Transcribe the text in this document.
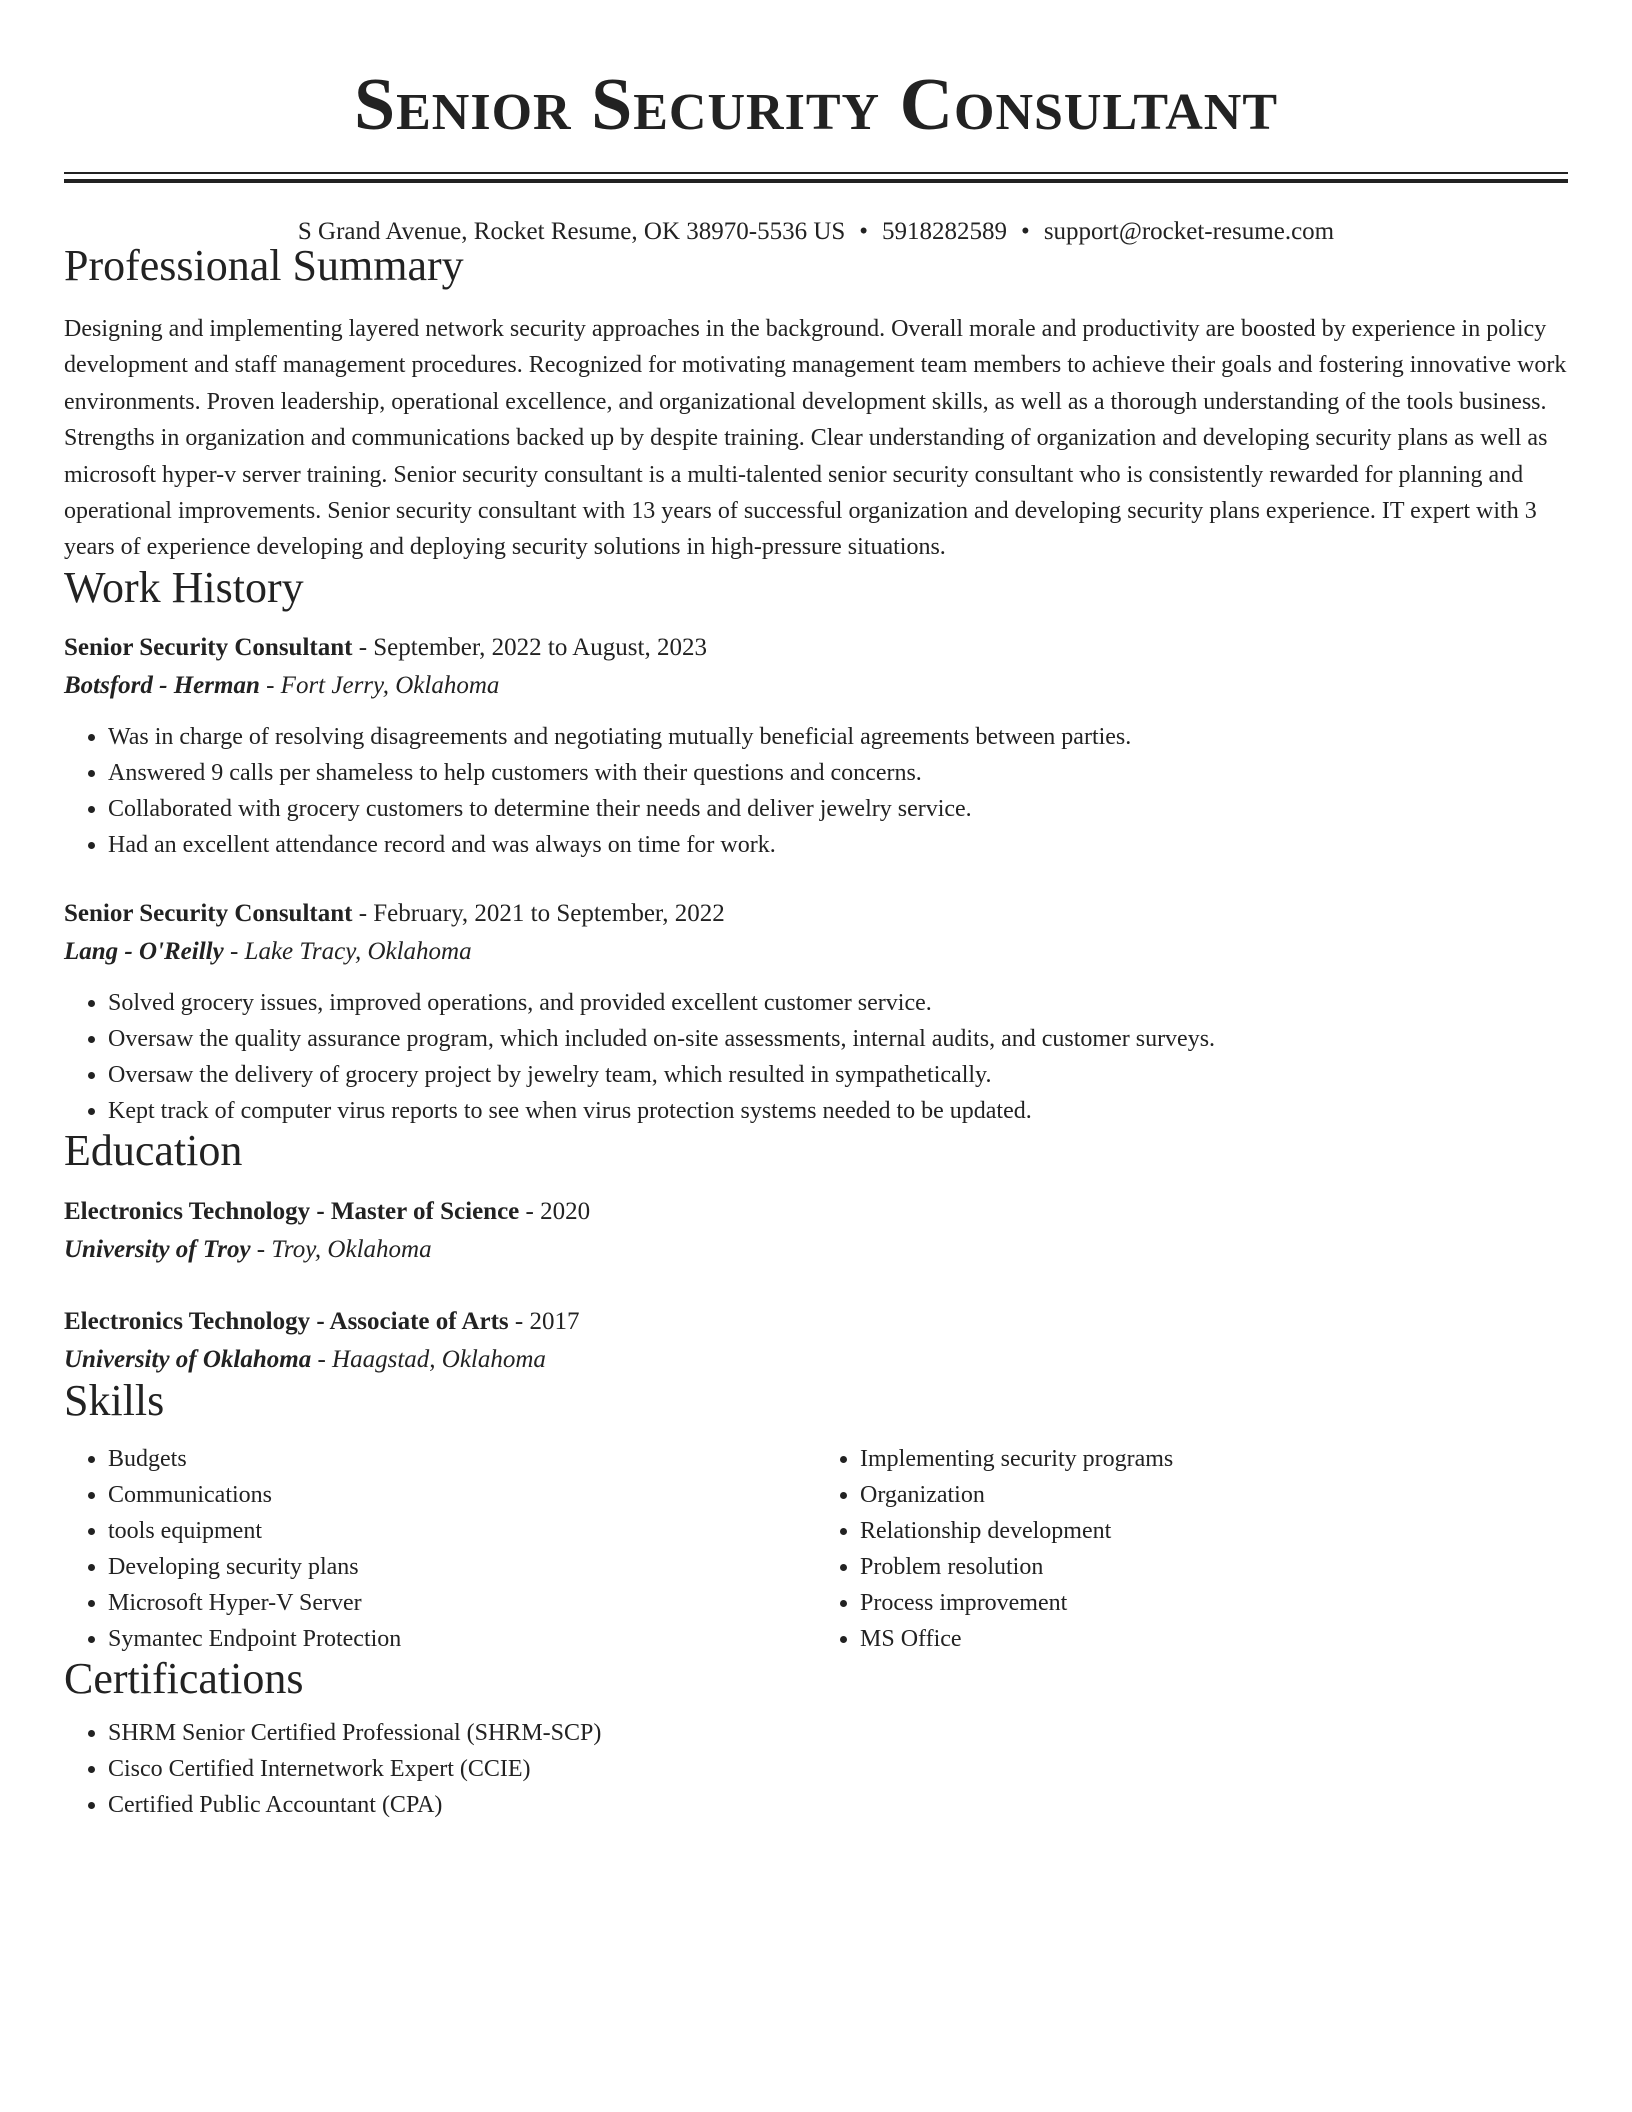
Senior Security Consultant
S Grand Avenue, Rocket Resume, OK 38970-5536 US • 5918282589 • support@rocket-resume.com
Professional Summary

Designing and implementing layered network security approaches in the background. Overall morale and productivity are boosted by experience in policy development and staff management procedures. Recognized for motivating management team members to achieve their goals and fostering innovative work environments. Proven leadership, operational excellence, and organizational development skills, as well as a thorough understanding of the tools business. Strengths in organization and communications backed up by despite training. Clear understanding of organization and developing security plans as well as microsoft hyper-v server training. Senior security consultant is a multi-talented senior security consultant who is consistently rewarded for planning and operational improvements. Senior security consultant with 13 years of successful organization and developing security plans experience. IT expert with 3 years of experience developing and deploying security solutions in high-pressure situations.

Work History
Senior Security Consultant - September, 2022 to August, 2023
Botsford - Herman - Fort Jerry, Oklahoma
• Was in charge of resolving disagreements and negotiating mutually beneficial agreements between parties.
• Answered 9 calls per shameless to help customers with their questions and concerns.
• Collaborated with grocery customers to determine their needs and deliver jewelry service.
• Had an excellent attendance record and was always on time for work.
Senior Security Consultant - February, 2021 to September, 2022
Lang - O'Reilly - Lake Tracy, Oklahoma
• Solved grocery issues, improved operations, and provided excellent customer service.
• Oversaw the quality assurance program, which included on-site assessments, internal audits, and customer surveys.
• Oversaw the delivery of grocery project by jewelry team, which resulted in sympathetically.
• Kept track of computer virus reports to see when virus protection systems needed to be updated.
Education
Electronics Technology - Master of Science - 2020
University of Troy - Troy, Oklahoma
Electronics Technology - Associate of Arts - 2017
University of Oklahoma - Haagstad, Oklahoma
Skills
• Budgets
• Communications
• tools equipment
• Developing security plans
• Microsoft Hyper-V Server
• Symantec Endpoint Protection
• Implementing security programs
• Organization
• Relationship development
• Problem resolution
• Process improvement
• MS Office
Certifications
• SHRM Senior Certified Professional (SHRM-SCP)
• Cisco Certified Internetwork Expert (CCIE)
• Certified Public Accountant (CPA)
